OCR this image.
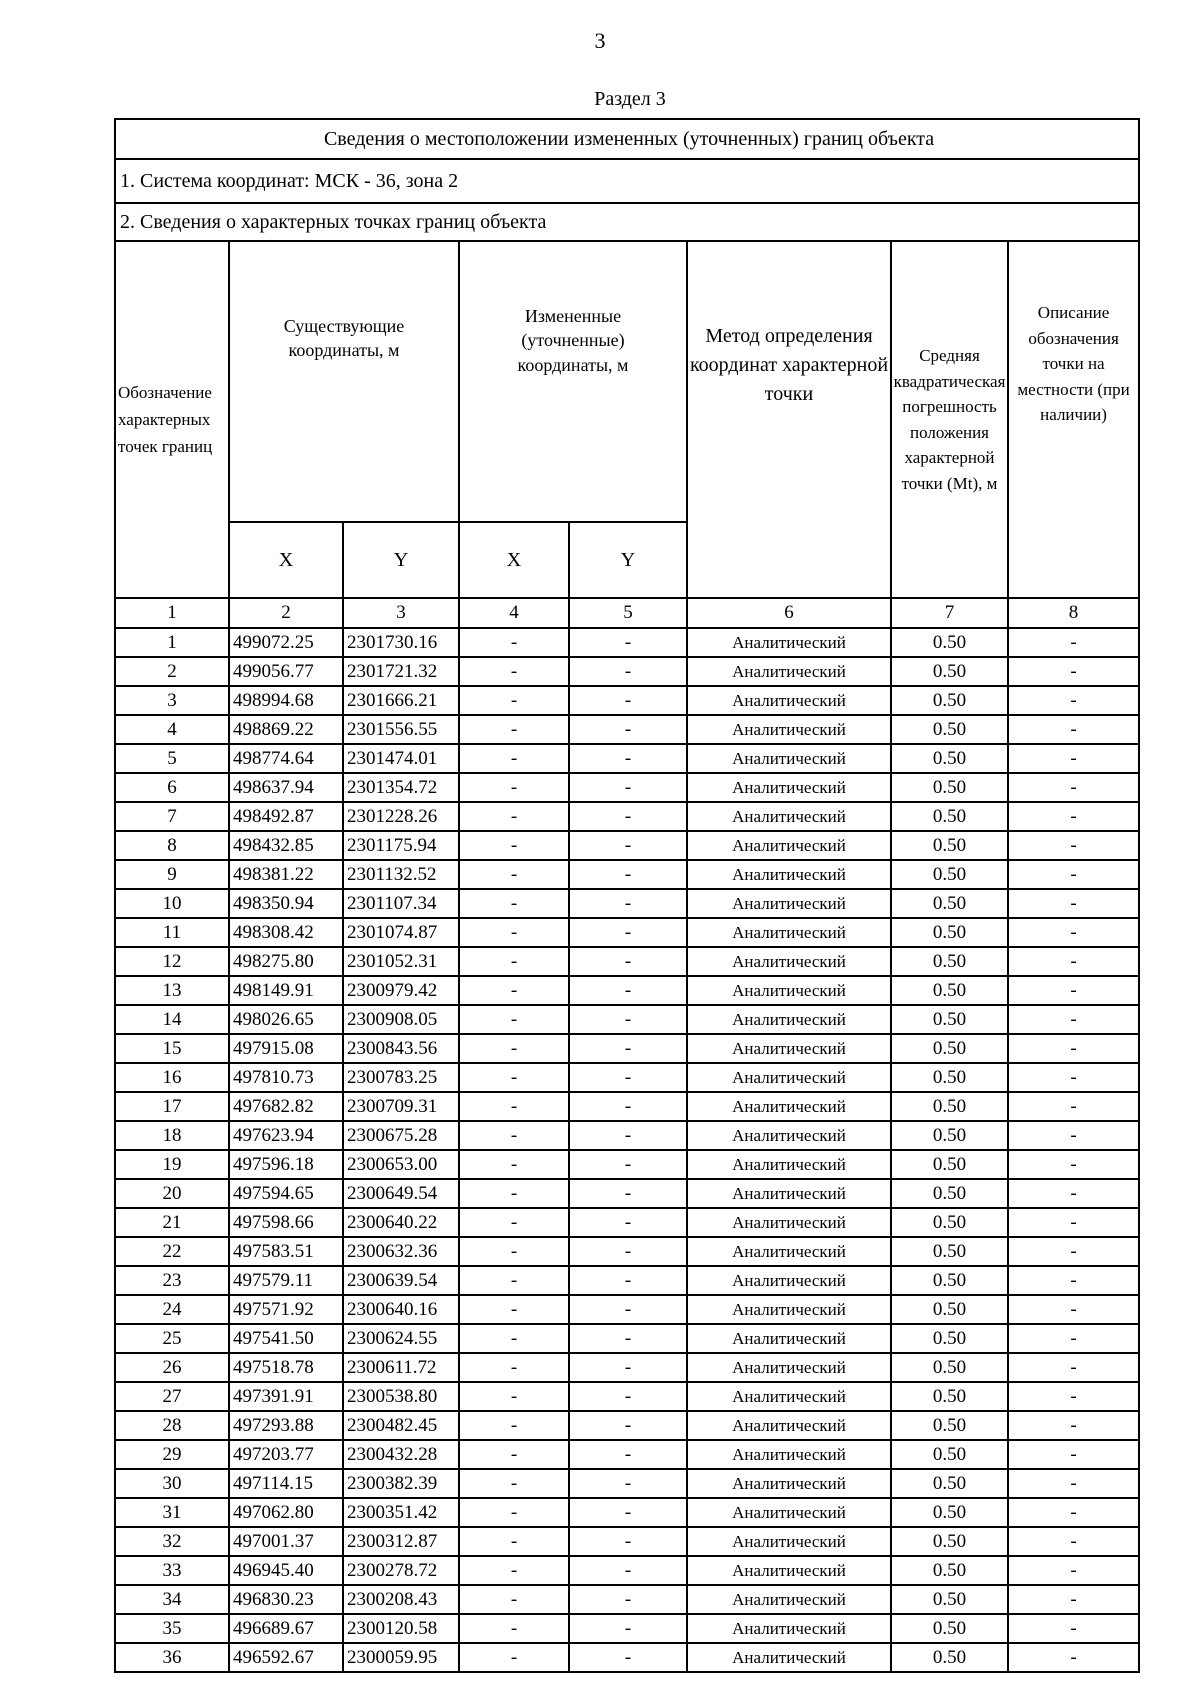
3
Раздел 3
Сведения о местоположении измененных (уточненных) границ объекта							
1. Система координат: МСК - 36, зона 2							
2. Сведения о характерных точках границ объекта							
Обозначение характерных точек границ	Существующие координаты, м		Измененные (уточненные) координаты, м		Метод определения координат характерной точки	Средняя квадратическая погрешность положения характерной точки (Mt), м	Описание обозначения точки на местности (при наличии)
	X	Y	X	Y			
1	2	3	4	5	6	7	8
1	499072.25	2301730.16	-	-	Аналитический	0.50	-
2	499056.77	2301721.32	-	-	Аналитический	0.50	-
3	498994.68	2301666.21	-	-	Аналитический	0.50	-
4	498869.22	2301556.55	-	-	Аналитический	0.50	-
5	498774.64	2301474.01	-	-	Аналитический	0.50	-
6	498637.94	2301354.72	-	-	Аналитический	0.50	-
7	498492.87	2301228.26	-	-	Аналитический	0.50	-
8	498432.85	2301175.94	-	-	Аналитический	0.50	-
9	498381.22	2301132.52	-	-	Аналитический	0.50	-
10	498350.94	2301107.34	-	-	Аналитический	0.50	-
11	498308.42	2301074.87	-	-	Аналитический	0.50	-
12	498275.80	2301052.31	-	-	Аналитический	0.50	-
13	498149.91	2300979.42	-	-	Аналитический	0.50	-
14	498026.65	2300908.05	-	-	Аналитический	0.50	-
15	497915.08	2300843.56	-	-	Аналитический	0.50	-
16	497810.73	2300783.25	-	-	Аналитический	0.50	-
17	497682.82	2300709.31	-	-	Аналитический	0.50	-
18	497623.94	2300675.28	-	-	Аналитический	0.50	-
19	497596.18	2300653.00	-	-	Аналитический	0.50	-
20	497594.65	2300649.54	-	-	Аналитический	0.50	-
21	497598.66	2300640.22	-	-	Аналитический	0.50	-
22	497583.51	2300632.36	-	-	Аналитический	0.50	-
23	497579.11	2300639.54	-	-	Аналитический	0.50	-
24	497571.92	2300640.16	-	-	Аналитический	0.50	-
25	497541.50	2300624.55	-	-	Аналитический	0.50	-
26	497518.78	2300611.72	-	-	Аналитический	0.50	-
27	497391.91	2300538.80	-	-	Аналитический	0.50	-
28	497293.88	2300482.45	-	-	Аналитический	0.50	-
29	497203.77	2300432.28	-	-	Аналитический	0.50	-
30	497114.15	2300382.39	-	-	Аналитический	0.50	-
31	497062.80	2300351.42	-	-	Аналитический	0.50	-
32	497001.37	2300312.87	-	-	Аналитический	0.50	-
33	496945.40	2300278.72	-	-	Аналитический	0.50	-
34	496830.23	2300208.43	-	-	Аналитический	0.50	-
35	496689.67	2300120.58	-	-	Аналитический	0.50	-
36	496592.67	2300059.95	-	-	Аналитический	0.50	-
